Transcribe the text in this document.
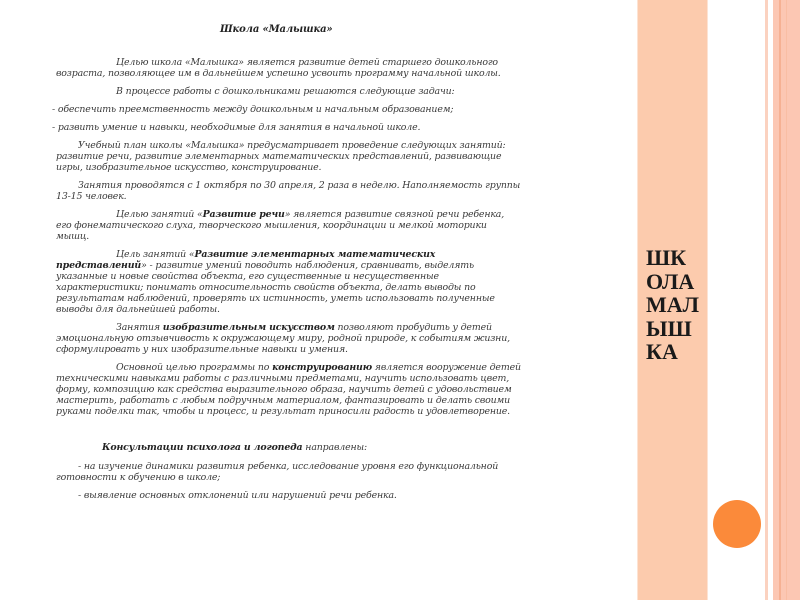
Школа «Малышка»

Целью школа «Малышка» является развитие детей старшего дошкольного возраста, позволяющее им в дальнейшем успешно усвоить программу начальной школы.

В процессе работы с дошкольниками решаются следующие задачи:

- обеспечить преемственность между дошкольным и начальным образованием;

- развить умение и навыки, необходимые для занятия в начальной школе.

Учебный план школы «Малышка» предусматривает проведение следующих занятий: развитие речи, развитие элементарных математических представлений, развивающие игры, изобразительное искусство, конструирование.

Занятия проводятся с 1 октября по 30 апреля, 2 раза в неделю. Наполняемость группы 13-15 человек.

Целью занятий «Развитие речи» является развитие связной речи ребенка, его фонематического слуха, творческого мышления, координации и мелкой моторики мышц.

Цель занятий «Развитие элементарных математических представлений» - развитие умений поводить наблюдения, сравнивать, выделять указанные и новые свойства объекта, его существенные и несущественные характеристики; понимать относительность свойств объекта, делать выводы по результатам наблюдений, проверять их истинность, уметь использовать полученные выводы для дальнейшей работы.

Занятия изобразительным искусством позволяют пробудить у детей эмоциональную отзывчивость к окружающему миру, родной природе, к событиям жизни, сформулировать у них изобразительные навыки и умения.

Основной целью программы по конструированию является вооружение детей техническими навыками работы с различными предметами, научить использовать цвет, форму, композицию как средства выразительного образа, научить детей с удовольствием мастерить, работать с любым подручным материалом, фантазировать и делать своими руками поделки так, чтобы и процесс, и результат приносили радость и удовлетворение.

Консультации психолога и логопеда направлены:

- на изучение динамики развития ребенка, исследование уровня его функциональной готовности к обучению в школе;

- выявление основных отклонений или нарушений речи ребенка.

ШКОЛА МАЛЫШКА
